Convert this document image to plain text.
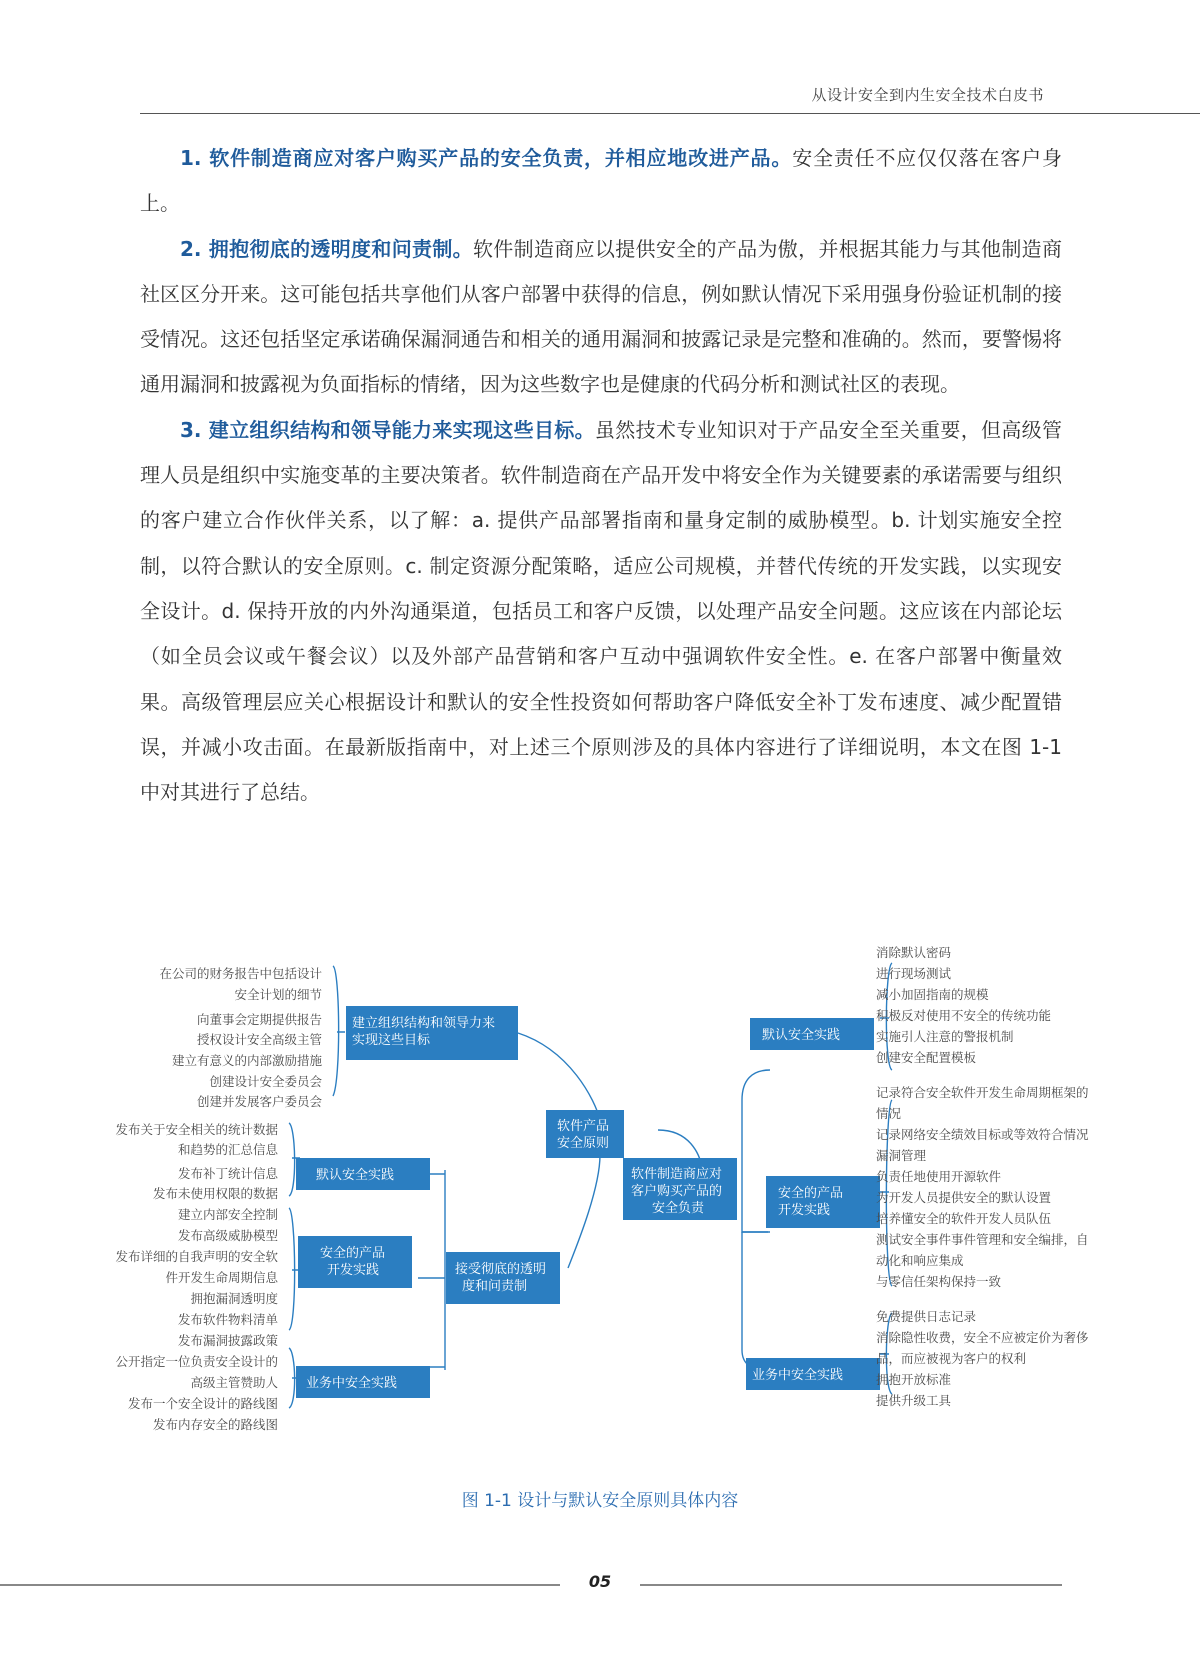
从设计安全到内生安全技术白皮书

1. 软件制造商应对客户购买产品的安全负责，并相应地改进产品。安全责任不应仅仅落在客户身上。

2. 拥抱彻底的透明度和问责制。软件制造商应以提供安全的产品为傲，并根据其能力与其他制造商社区区分开来。这可能包括共享他们从客户部署中获得的信息，例如默认情况下采用强身份验证机制的接受情况。这还包括坚定承诺确保漏洞通告和相关的通用漏洞和披露记录是完整和准确的。然而，要警惕将通用漏洞和披露视为负面指标的情绪，因为这些数字也是健康的代码分析和测试社区的表现。

3. 建立组织结构和领导能力来实现这些目标。虽然技术专业知识对于产品安全至关重要，但高级管理人员是组织中实施变革的主要决策者。软件制造商在产品开发中将安全作为关键要素的承诺需要与组织的客户建立合作伙伴关系，以了解：a. 提供产品部署指南和量身定制的威胁模型。b. 计划实施安全控制，以符合默认的安全原则。c. 制定资源分配策略，适应公司规模，并替代传统的开发实践，以实现安全设计。d. 保持开放的内外沟通渠道，包括员工和客户反馈，以处理产品安全问题。这应该在内部论坛（如全员会议或午餐会议）以及外部产品营销和客户互动中强调软件安全性。e. 在客户部署中衡量效果。高级管理层应关心根据设计和默认的安全性投资如何帮助客户降低安全补丁发布速度、减少配置错误，并减小攻击面。在最新版指南中，对上述三个原则涉及的具体内容进行了详细说明，本文在图 1-1 中对其进行了总结。

建立组织结构和领导力来
实现这些目标
软件产品
安全原则
软件制造商应对
客户购买产品的
安全负责
接受彻底的透明
度和问责制
默认安全实践
安全的产品
开发实践
业务中安全实践
默认安全实践
安全的产品
开发实践
业务中安全实践
在公司的财务报告中包括设计
安全计划的细节
向董事会定期提供报告
授权设计安全高级主管
建立有意义的内部激励措施
创建设计安全委员会
创建并发展客户委员会
发布关于安全相关的统计数据
和趋势的汇总信息
发布补丁统计信息
发布未使用权限的数据
建立内部安全控制
发布高级威胁模型
发布详细的自我声明的安全软
件开发生命周期信息
拥抱漏洞透明度
发布软件物料清单
发布漏洞披露政策
公开指定一位负责安全设计的
高级主管赞助人
发布一个安全设计的路线图
发布内存安全的路线图
消除默认密码
进行现场测试
减小加固指南的规模
积极反对使用不安全的传统功能
实施引人注意的警报机制
创建安全配置模板
记录符合安全软件开发生命周期框架的
情况
记录网络安全绩效目标或等效符合情况
漏洞管理
负责任地使用开源软件
为开发人员提供安全的默认设置
培养懂安全的软件开发人员队伍
测试安全事件事件管理和安全编排，自
动化和响应集成
与零信任架构保持一致
免费提供日志记录
消除隐性收费，安全不应被定价为奢侈
品，而应被视为客户的权利
拥抱开放标准
提供升级工具
图 1-1 设计与默认安全原则具体内容
05
